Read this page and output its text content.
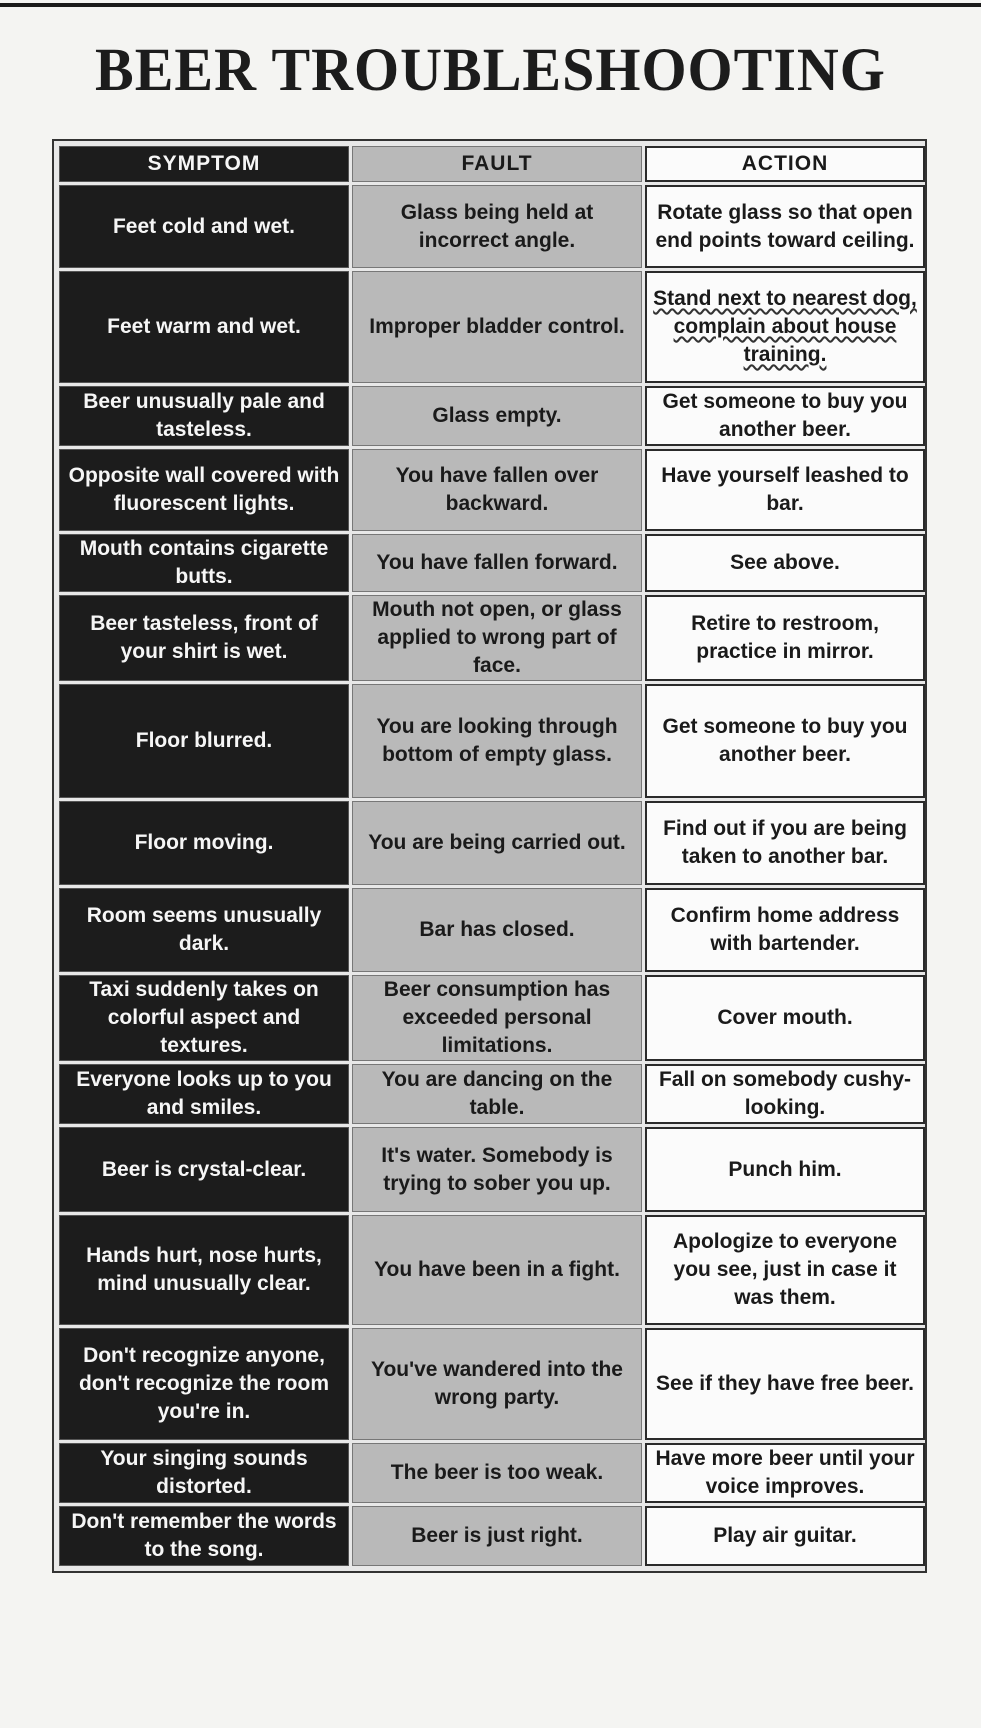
BEER TROUBLESHOOTING
SYMPTOM	FAULT	ACTION
Feet cold and wet.	Glass being held at incorrect angle.	Rotate glass so that open end points toward ceiling.
Feet warm and wet.	Improper bladder control.	Stand next to nearest dog, complain about house training.
Beer unusually pale and tasteless.	Glass empty.	Get someone to buy you another beer.
Opposite wall covered with fluorescent lights.	You have fallen over backward.	Have yourself leashed to bar.
Mouth contains cigarette butts.	You have fallen forward.	See above.
Beer tasteless, front of your shirt is wet.	Mouth not open, or glass applied to wrong part of face.	Retire to restroom, practice in mirror.
Floor blurred.	You are looking through bottom of empty glass.	Get someone to buy you another beer.
Floor moving.	You are being carried out.	Find out if you are being taken to another bar.
Room seems unusually dark.	Bar has closed.	Confirm home address with bartender.
Taxi suddenly takes on colorful aspect and textures.	Beer consumption has exceeded personal limitations.	Cover mouth.
Everyone looks up to you and smiles.	You are dancing on the table.	Fall on somebody cushy-looking.
Beer is crystal-clear.	It's water. Somebody is trying to sober you up.	Punch him.
Hands hurt, nose hurts, mind unusually clear.	You have been in a fight.	Apologize to everyone you see, just in case it was them.
Don't recognize anyone, don't recognize the room you're in.	You've wandered into the wrong party.	See if they have free beer.
Your singing sounds distorted.	The beer is too weak.	Have more beer until your voice improves.
Don't remember the words to the song.	Beer is just right.	Play air guitar.
